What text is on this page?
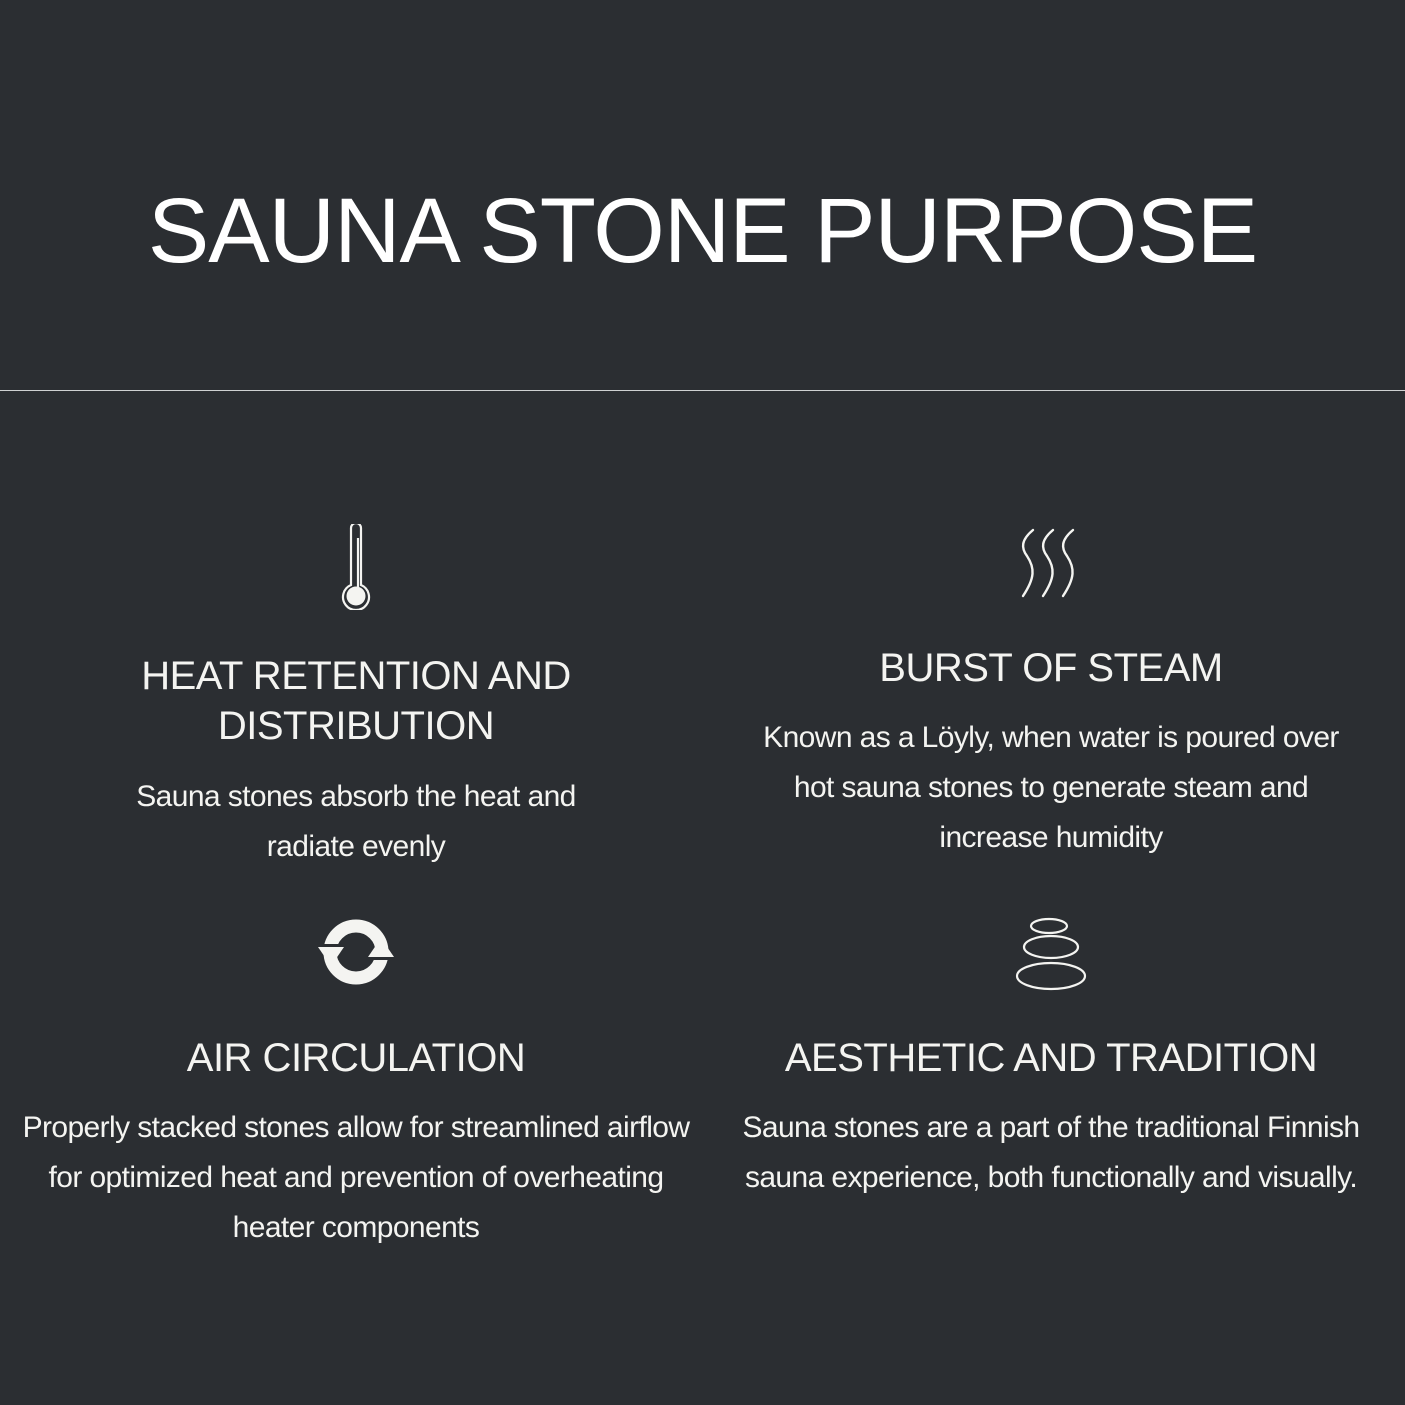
SAUNA STONE PURPOSE
HEAT RETENTION AND DISTRIBUTION

Sauna stones absorb the heat and radiate evenly

BURST OF STEAM

Known as a Löyly, when water is poured over hot sauna stones to generate steam and increase humidity

AIR CIRCULATION

Properly stacked stones allow for streamlined airflow for optimized heat and prevention of overheating heater components

AESTHETIC AND TRADITION

Sauna stones are a part of the traditional Finnish sauna experience, both functionally and visually.
